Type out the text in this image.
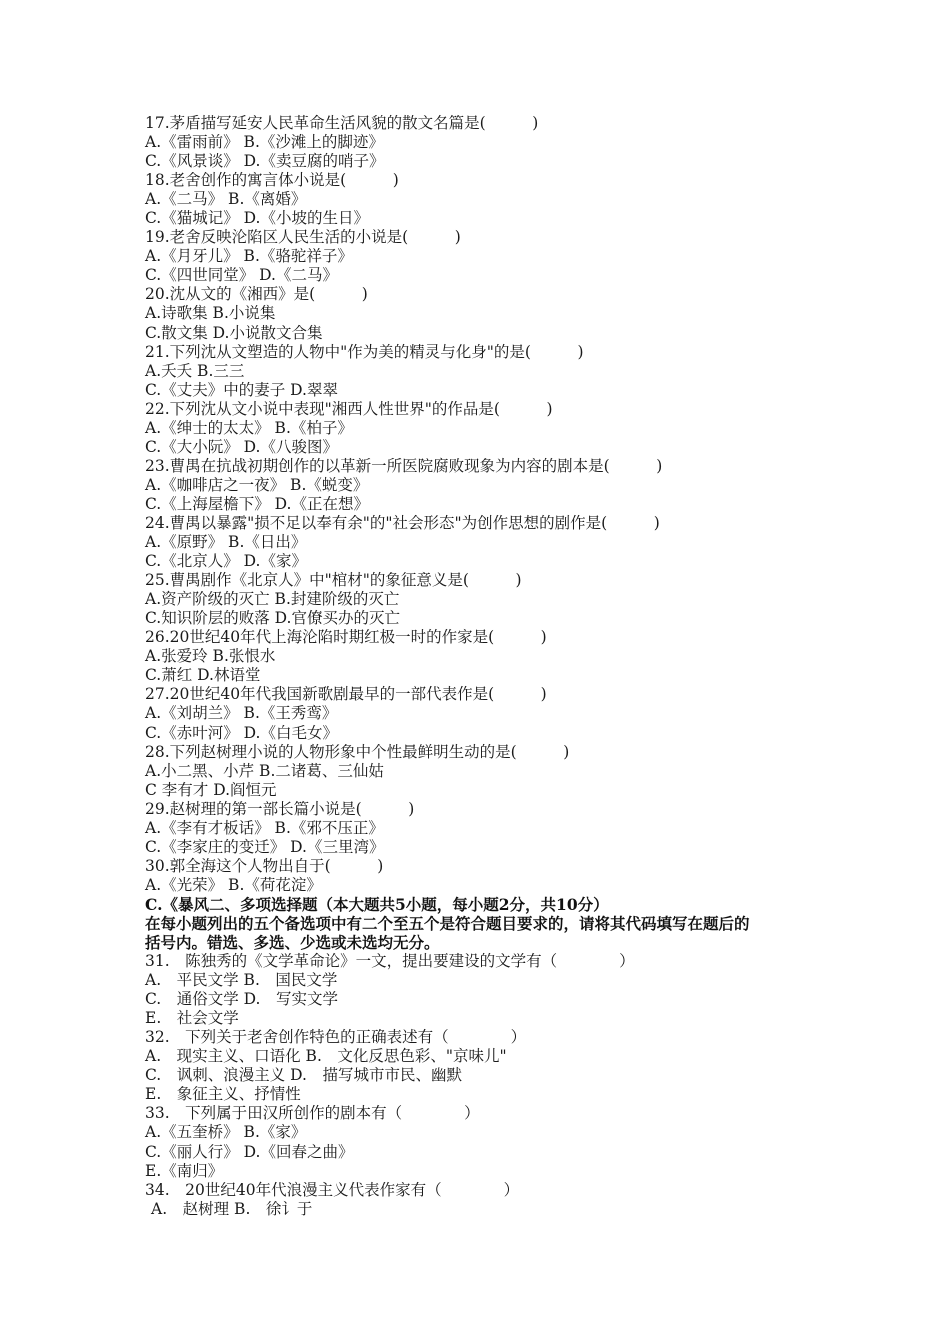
17.茅盾描写延安人民革命生活风貌的散文名篇是(　　　)
A.《雷雨前》 B.《沙滩上的脚迹》
C.《风景谈》 D.《卖豆腐的哨子》
18.老舍创作的寓言体小说是(　　　)
A.《二马》 B.《离婚》
C.《猫城记》 D.《小坡的生日》
19.老舍反映沦陷区人民生活的小说是(　　　)
A.《月牙儿》 B.《骆驼祥子》
C.《四世同堂》 D.《二马》
20.沈从文的《湘西》是(　　　)
A.诗歌集 B.小说集
C.散文集 D.小说散文合集
21.下列沈从文塑造的人物中"作为美的精灵与化身"的是(　　　)
A.夭夭 B.三三
C.《丈夫》中的妻子 D.翠翠
22.下列沈从文小说中表现"湘西人性世界"的作品是(　　　)
A.《绅士的太太》 B.《柏子》
C.《大小阮》 D.《八骏图》
23.曹禺在抗战初期创作的以革新一所医院腐败现象为内容的剧本是(　　　)
A.《咖啡店之一夜》 B.《蜕变》
C.《上海屋檐下》 D.《正在想》
24.曹禺以暴露"损不足以奉有余"的"社会形态"为创作思想的剧作是(　　　)
A.《原野》 B.《日出》
C.《北京人》 D.《家》
25.曹禺剧作《北京人》中"棺材"的象征意义是(　　　)
A.资产阶级的灭亡 B.封建阶级的灭亡
C.知识阶层的败落 D.官僚买办的灭亡
26.20世纪40年代上海沦陷时期红极一时的作家是(　　　)
A.张爱玲 B.张恨水
C.萧红 D.林语堂
27.20世纪40年代我国新歌剧最早的一部代表作是(　　　)
A.《刘胡兰》 B.《王秀鸾》
C.《赤叶河》 D.《白毛女》
28.下列赵树理小说的人物形象中个性最鲜明生动的是(　　　)
A.小二黑、小芹 B.二诸葛、三仙姑
C 李有才 D.阎恒元
29.赵树理的第一部长篇小说是(　　　)
A.《李有才板话》 B.《邪不压正》
C.《李家庄的变迁》 D.《三里湾》
30.郭全海这个人物出自于(　　　)
A.《光荣》 B.《荷花淀》
C.《暴风二、多项选择题（本大题共5小题，每小题2分，共10分）
在每小题列出的五个备选项中有二个至五个是符合题目要求的，请将其代码填写在题后的
括号内。错选、多选、少选或未选均无分。
31.　陈独秀的《文学革命论》一文，提出要建设的文学有（　　　　）
A.　平民文学 B.　国民文学
C.　通俗文学 D.　写实文学
E.　社会文学
32.　下列关于老舍创作特色的正确表述有（　　　　）
A.　现实主义、口语化 B.　文化反思色彩、"京味儿"
C.　讽刺、浪漫主义 D.　描写城市市民、幽默
E.　象征主义、抒情性
33.　下列属于田汉所创作的剧本有（　　　　）
A.《五奎桥》 B.《家》
C.《丽人行》 D.《回春之曲》
E.《南归》
34.　20世纪40年代浪漫主义代表作家有（　　　　）
A.　赵树理 B.　徐讠于
